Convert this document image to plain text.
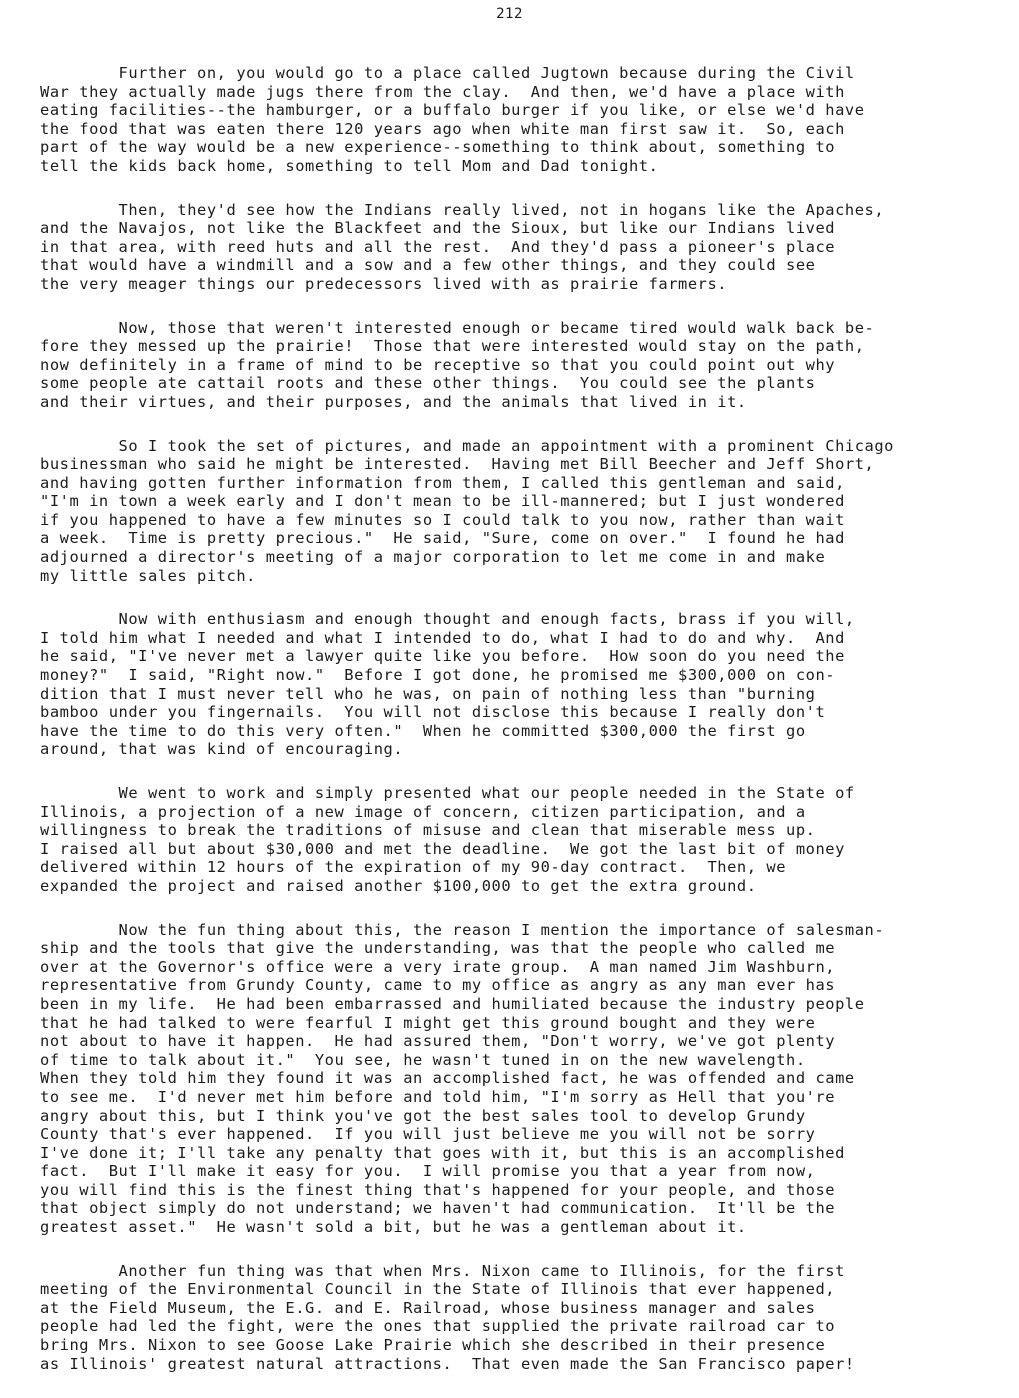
212
Further on, you would go to a place called Jugtown because during the Civil
War they actually made jugs there from the clay.  And then, we'd have a place with
eating facilities--the hamburger, or a buffalo burger if you like, or else we'd have
the food that was eaten there 120 years ago when white man first saw it.  So, each
part of the way would be a new experience--something to think about, something to
tell the kids back home, something to tell Mom and Dad tonight.
Then, they'd see how the Indians really lived, not in hogans like the Apaches,
and the Navajos, not like the Blackfeet and the Sioux, but like our Indians lived
in that area, with reed huts and all the rest.  And they'd pass a pioneer's place
that would have a windmill and a sow and a few other things, and they could see
the very meager things our predecessors lived with as prairie farmers.
Now, those that weren't interested enough or became tired would walk back be-
fore they messed up the prairie!  Those that were interested would stay on the path,
now definitely in a frame of mind to be receptive so that you could point out why
some people ate cattail roots and these other things.  You could see the plants
and their virtues, and their purposes, and the animals that lived in it.
So I took the set of pictures, and made an appointment with a prominent Chicago
businessman who said he might be interested.  Having met Bill Beecher and Jeff Short,
and having gotten further information from them, I called this gentleman and said,
"I'm in town a week early and I don't mean to be ill-mannered; but I just wondered
if you happened to have a few minutes so I could talk to you now, rather than wait
a week.  Time is pretty precious."  He said, "Sure, come on over."  I found he had
adjourned a director's meeting of a major corporation to let me come in and make
my little sales pitch.
Now with enthusiasm and enough thought and enough facts, brass if you will,
I told him what I needed and what I intended to do, what I had to do and why.  And
he said, "I've never met a lawyer quite like you before.  How soon do you need the
money?"  I said, "Right now."  Before I got done, he promised me $300,000 on con-
dition that I must never tell who he was, on pain of nothing less than "burning
bamboo under you fingernails.  You will not disclose this because I really don't
have the time to do this very often."  When he committed $300,000 the first go
around, that was kind of encouraging.
We went to work and simply presented what our people needed in the State of
Illinois, a projection of a new image of concern, citizen participation, and a
willingness to break the traditions of misuse and clean that miserable mess up.
I raised all but about $30,000 and met the deadline.  We got the last bit of money
delivered within 12 hours of the expiration of my 90-day contract.  Then, we
expanded the project and raised another $100,000 to get the extra ground.
Now the fun thing about this, the reason I mention the importance of salesman-
ship and the tools that give the understanding, was that the people who called me
over at the Governor's office were a very irate group.  A man named Jim Washburn,
representative from Grundy County, came to my office as angry as any man ever has
been in my life.  He had been embarrassed and humiliated because the industry people
that he had talked to were fearful I might get this ground bought and they were
not about to have it happen.  He had assured them, "Don't worry, we've got plenty
of time to talk about it."  You see, he wasn't tuned in on the new wavelength.
When they told him they found it was an accomplished fact, he was offended and came
to see me.  I'd never met him before and told him, "I'm sorry as Hell that you're
angry about this, but I think you've got the best sales tool to develop Grundy
County that's ever happened.  If you will just believe me you will not be sorry
I've done it; I'll take any penalty that goes with it, but this is an accomplished
fact.  But I'll make it easy for you.  I will promise you that a year from now,
you will find this is the finest thing that's happened for your people, and those
that object simply do not understand; we haven't had communication.  It'll be the
greatest asset."  He wasn't sold a bit, but he was a gentleman about it.
Another fun thing was that when Mrs. Nixon came to Illinois, for the first
meeting of the Environmental Council in the State of Illinois that ever happened,
at the Field Museum, the E.G. and E. Railroad, whose business manager and sales
people had led the fight, were the ones that supplied the private railroad car to
bring Mrs. Nixon to see Goose Lake Prairie which she described in their presence
as Illinois' greatest natural attractions.  That even made the San Francisco paper!
